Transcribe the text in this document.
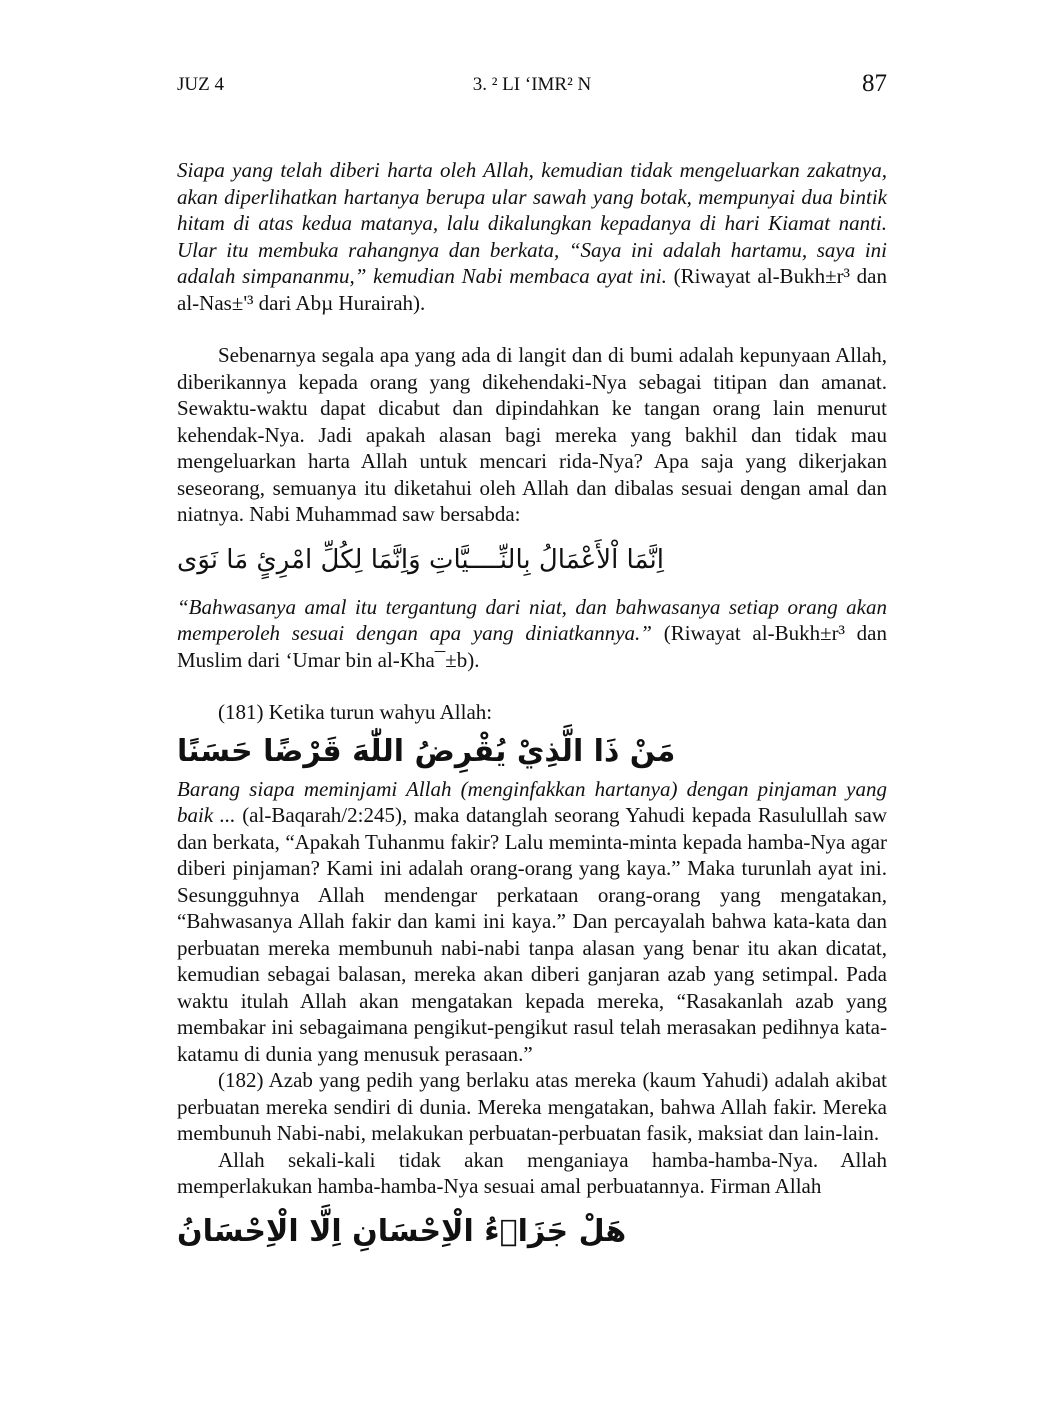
JUZ 4	3. ² LI ‘IMR² N	87

Siapa yang telah diberi harta oleh Allah, kemudian tidak mengeluarkan zakatnya, akan diperlihatkan hartanya berupa ular sawah yang botak, mempunyai dua bintik hitam di atas kedua matanya, lalu dikalungkan kepadanya di hari Kiamat nanti. Ular itu membuka rahangnya dan berkata, “Saya ini adalah hartamu, saya ini adalah simpananmu,” kemudian Nabi membaca ayat ini. (Riwayat al-Bukh±r³ dan al-Nas±'³ dari Abµ Hurairah).

Sebenarnya segala apa yang ada di langit dan di bumi adalah kepunyaan Allah, diberikannya kepada orang yang dikehendaki-Nya sebagai titipan dan amanat. Sewaktu-waktu dapat dicabut dan dipindahkan ke tangan orang lain menurut kehendak-Nya. Jadi apakah alasan bagi mereka yang bakhil dan tidak mau mengeluarkan harta Allah untuk mencari rida-Nya? Apa saja yang dikerjakan seseorang, semuanya itu diketahui oleh Allah dan dibalas sesuai dengan amal dan niatnya. Nabi Muhammad saw bersabda:

اِنَّمَا اْلأَعْمَالُ بِالنِّــــيَّاتِ وَاِنَّمَا لِكُلِّ امْرِئٍ مَا نَوَى

“Bahwasanya amal itu tergantung dari niat, dan bahwasanya setiap orang akan memperoleh sesuai dengan apa yang diniatkannya.” (Riwayat al-Bukh±r³ dan Muslim dari ‘Umar bin al-Kha¯±b).

(181) Ketika turun wahyu Allah:

مَنْ ذَا الَّذِيْ يُقْرِضُ اللّٰهَ قَرْضًا حَسَنًا

Barang siapa meminjami Allah (menginfakkan hartanya) dengan pinjaman yang baik ... (al-Baqarah/2:245), maka datanglah seorang Yahudi kepada Rasulullah saw dan berkata, “Apakah Tuhanmu fakir? Lalu meminta-minta kepada hamba-Nya agar diberi pinjaman? Kami ini adalah orang-orang yang kaya.” Maka turunlah ayat ini. Sesungguhnya Allah mendengar perkataan orang-orang yang mengatakan, “Bahwasanya Allah fakir dan kami ini kaya.” Dan percayalah bahwa kata-kata dan perbuatan mereka membunuh nabi-nabi tanpa alasan yang benar itu akan dicatat, kemudian sebagai balasan, mereka akan diberi ganjaran azab yang setimpal. Pada waktu itulah Allah akan mengatakan kepada mereka, “Rasakanlah azab yang membakar ini sebagaimana pengikut-pengikut rasul telah merasakan pedihnya kata-katamu di dunia yang menusuk perasaan.”

(182) Azab yang pedih yang berlaku atas mereka (kaum Yahudi) adalah akibat perbuatan mereka sendiri di dunia. Mereka mengatakan, bahwa Allah fakir. Mereka membunuh Nabi-nabi, melakukan perbuatan-perbuatan fasik, maksiat dan lain-lain.

Allah sekali-kali tidak akan menganiaya hamba-hamba-Nya. Allah memperlakukan hamba-hamba-Nya sesuai amal perbuatannya. Firman Allah

هَلْ جَزَاۤءُ الْاِحْسَانِ اِلَّا الْاِحْسَانُ
